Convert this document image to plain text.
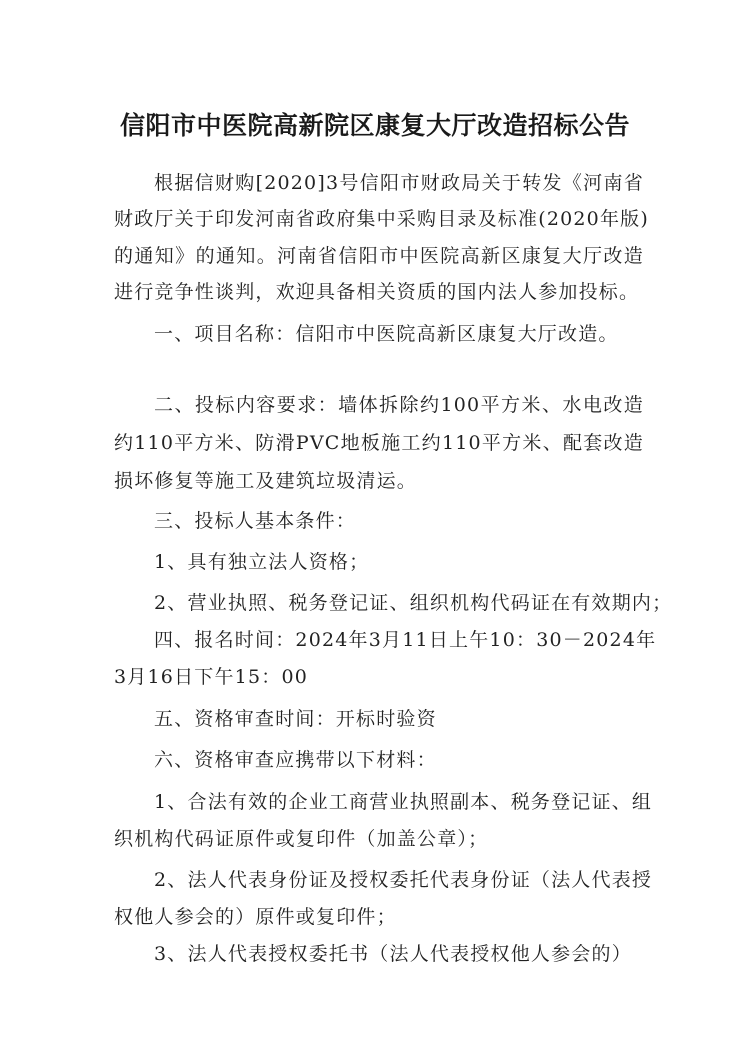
信阳市中医院高新院区康复大厅改造招标公告
根据信财购[2020]3号信阳市财政局关于转发《河南省
财政厅关于印发河南省政府集中采购目录及标准(2020年版)
的通知》的通知。河南省信阳市中医院高新区康复大厅改造
进行竞争性谈判，欢迎具备相关资质的国内法人参加投标。
一、项目名称：信阳市中医院高新区康复大厅改造。
二、投标内容要求：墙体拆除约100平方米、水电改造
约110平方米、防滑PVC地板施工约110平方米、配套改造
损坏修复等施工及建筑垃圾清运。
三、投标人基本条件：
1、具有独立法人资格；
2、营业执照、税务登记证、组织机构代码证在有效期内；
四、报名时间：2024年3月11日上午10：30－2024年
3月16日下午15：00
五、资格审查时间：开标时验资
六、资格审查应携带以下材料：
1、合法有效的企业工商营业执照副本、税务登记证、组
织机构代码证原件或复印件（加盖公章）；
2、法人代表身份证及授权委托代表身份证（法人代表授
权他人参会的）原件或复印件；
3、法人代表授权委托书（法人代表授权他人参会的）
